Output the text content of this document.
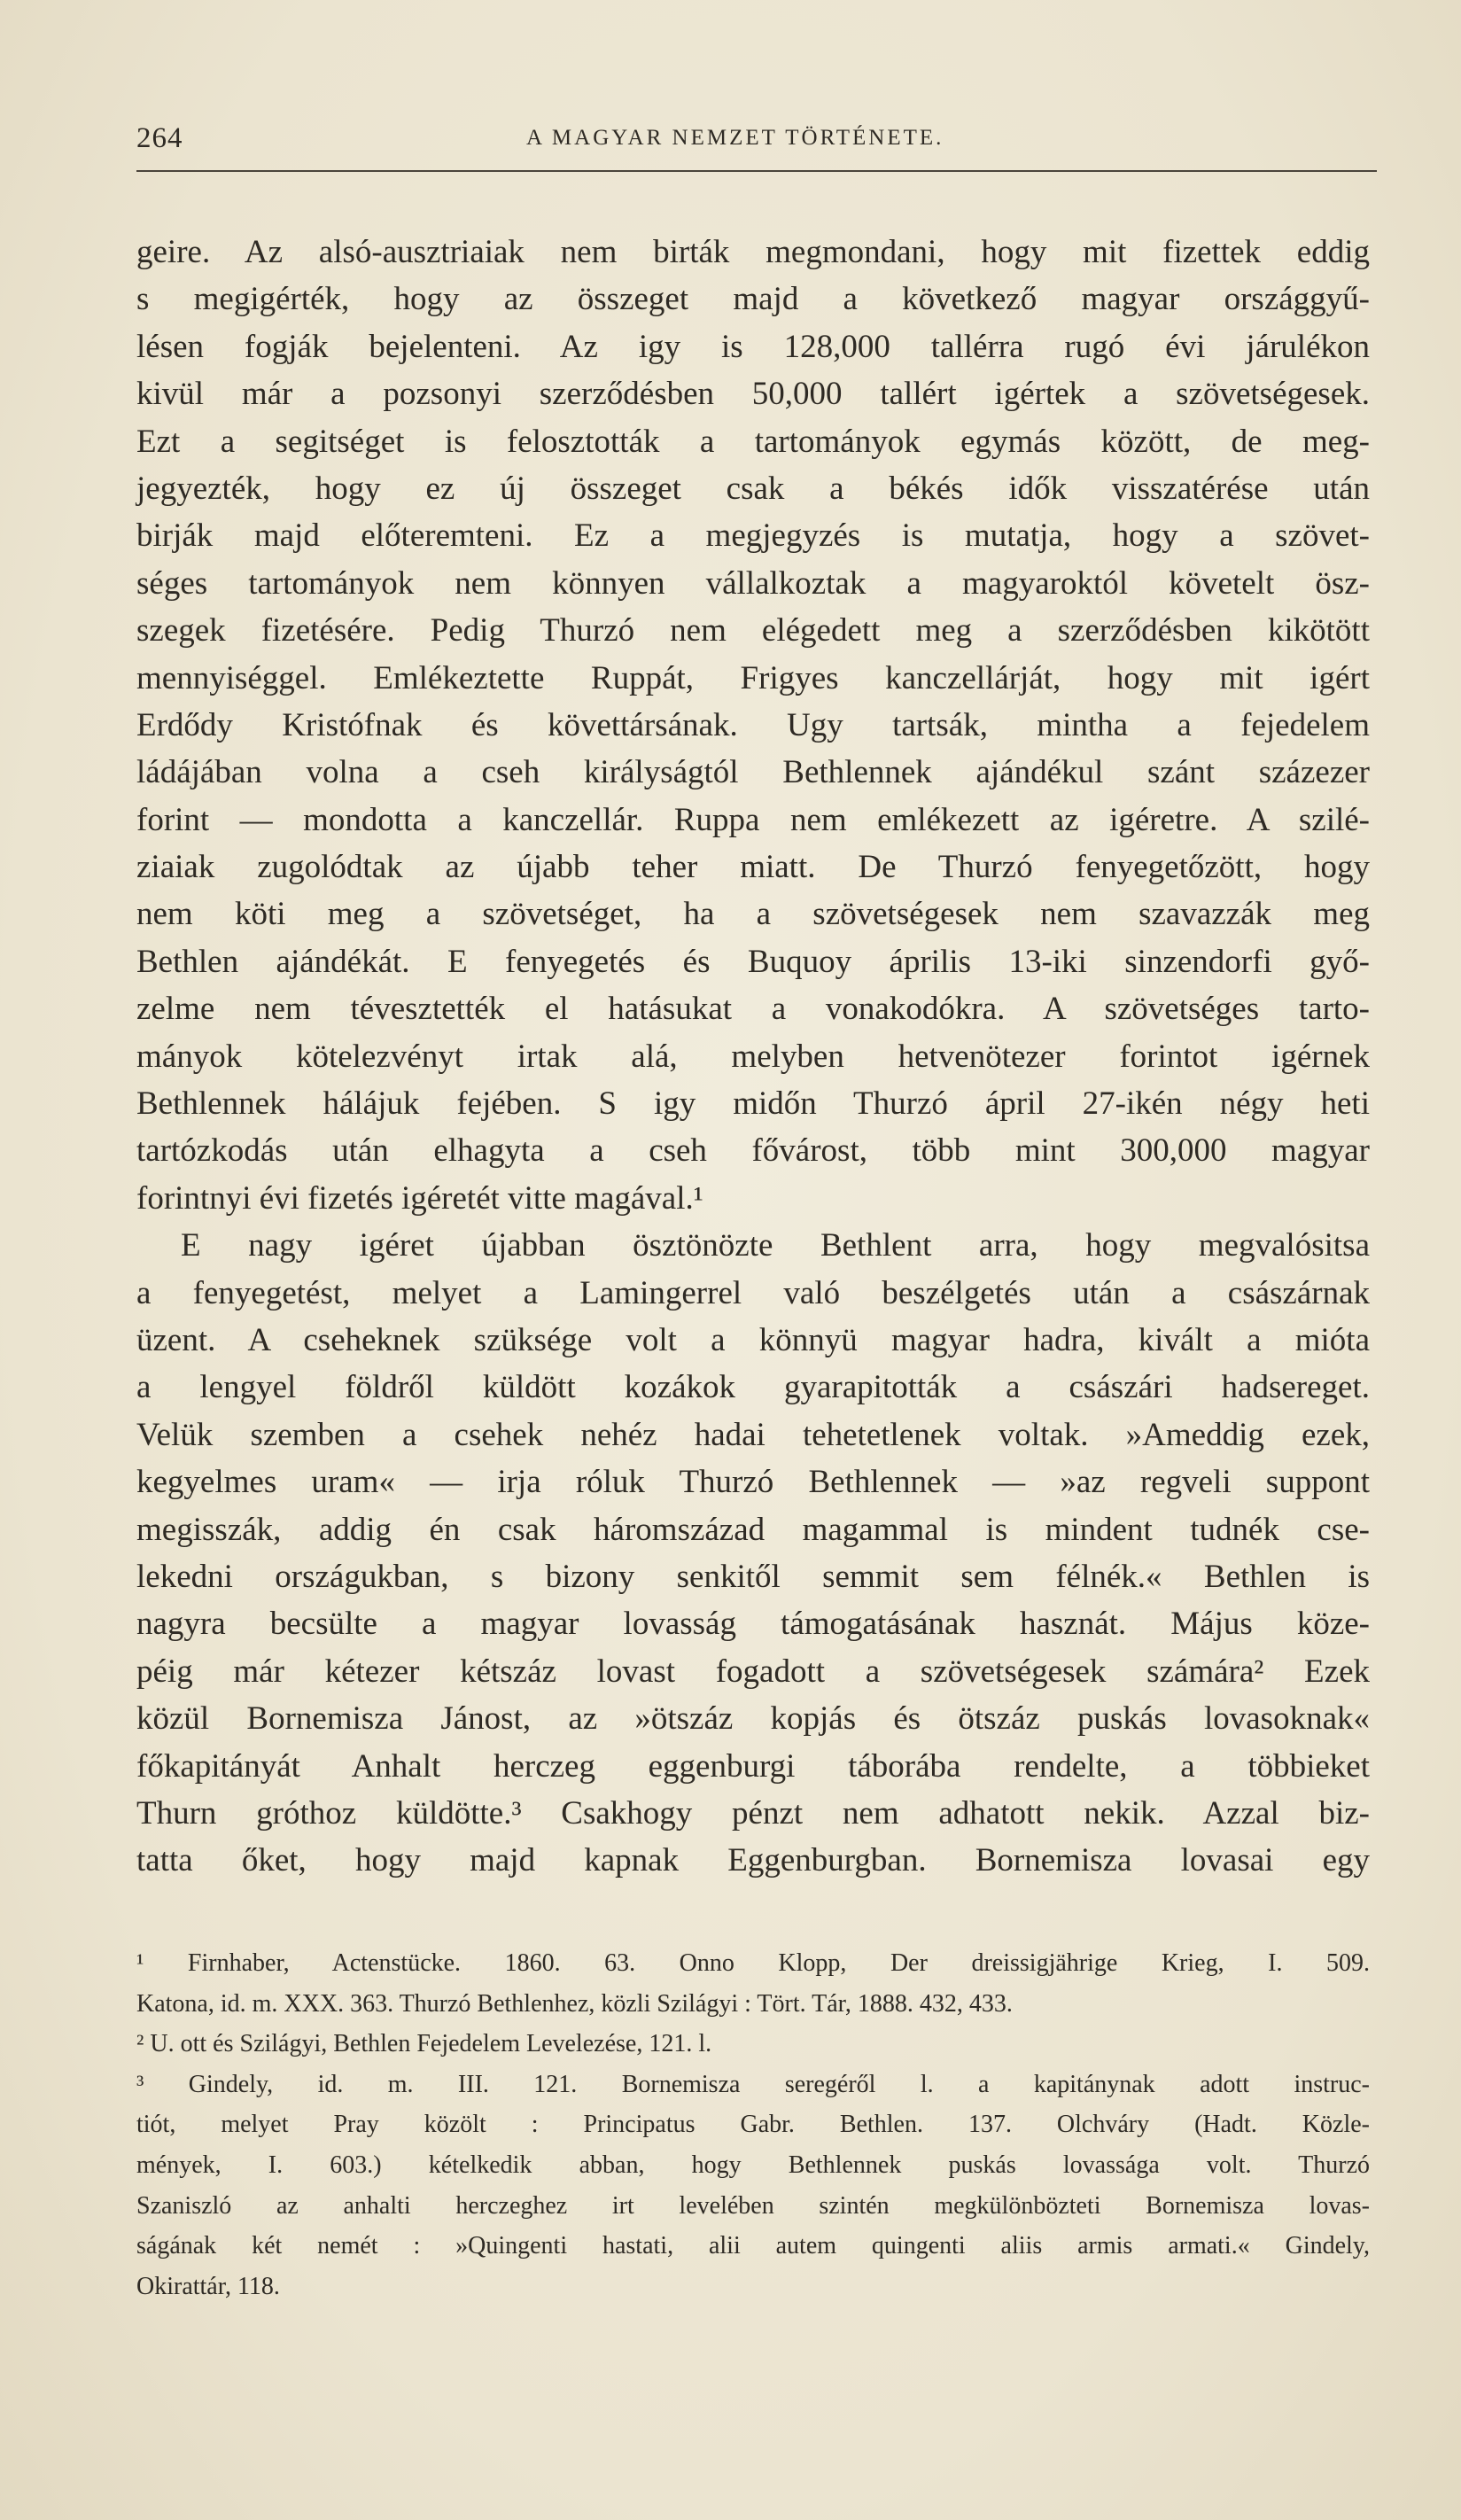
264	A MAGYAR NEMZET TÖRTÉNETE.
geire. Az alsó-ausztriaiak nem birták megmondani, hogy mit fizettek eddig
s megigérték, hogy az összeget majd a következő magyar országgyű-
lésen fogják bejelenteni. Az igy is 128,000 tallérra rugó évi járulékon
kivül már a pozsonyi szerződésben 50,000 tallért igértek a szövetségesek.
Ezt a segitséget is felosztották a tartományok egymás között, de meg-
jegyezték, hogy ez új összeget csak a békés idők visszatérése után
birják majd előteremteni. Ez a megjegyzés is mutatja, hogy a szövet-
séges tartományok nem könnyen vállalkoztak a magyaroktól követelt ösz-
szegek fizetésére. Pedig Thurzó nem elégedett meg a szerződésben kikötött
mennyiséggel. Emlékeztette Ruppát, Frigyes kanczellárját, hogy mit igért
Erdődy Kristófnak és követtársának. Ugy tartsák, mintha a fejedelem
ládájában volna a cseh királyságtól Bethlennek ajándékul szánt százezer
forint — mondotta a kanczellár. Ruppa nem emlékezett az igéretre. A szilé-
ziaiak zugolódtak az újabb teher miatt. De Thurzó fenyegetőzött, hogy
nem köti meg a szövetséget, ha a szövetségesek nem szavazzák meg
Bethlen ajándékát. E fenyegetés és Buquoy április 13-iki sinzendorfi győ-
zelme nem tévesztették el hatásukat a vonakodókra. A szövetséges tarto-
mányok kötelezvényt irtak alá, melyben hetvenötezer forintot igérnek
Bethlennek hálájuk fejében. S igy midőn Thurzó ápril 27-ikén négy heti
tartózkodás után elhagyta a cseh fővárost, több mint 300,000 magyar
forintnyi évi fizetés igéretét vitte magával.¹
E nagy igéret újabban ösztönözte Bethlent arra, hogy megvalósitsa
a fenyegetést, melyet a Lamingerrel való beszélgetés után a császárnak
üzent. A cseheknek szüksége volt a könnyü magyar hadra, kivált a mióta
a lengyel földről küldött kozákok gyarapitották a császári hadsereget.
Velük szemben a csehek nehéz hadai tehetetlenek voltak. »Ameddig ezek,
kegyelmes uram« — irja róluk Thurzó Bethlennek — »az regveli suppont
megisszák, addig én csak háromszázad magammal is mindent tudnék cse-
lekedni országukban, s bizony senkitől semmit sem félnék.« Bethlen is
nagyra becsülte a magyar lovasság támogatásának hasznát. Május köze-
péig már kétezer kétszáz lovast fogadott a szövetségesek számára² Ezek
közül Bornemisza Jánost, az »ötszáz kopjás és ötszáz puskás lovasoknak«
főkapitányát Anhalt herczeg eggenburgi táborába rendelte, a többieket
Thurn gróthoz küldötte.³ Csakhogy pénzt nem adhatott nekik. Azzal biz-
tatta őket, hogy majd kapnak Eggenburgban. Bornemisza lovasai egy
¹ Firnhaber, Actenstücke. 1860. 63. Onno Klopp, Der dreissigjährige Krieg, I. 509.
Katona, id. m. XXX. 363. Thurzó Bethlenhez, közli Szilágyi : Tört. Tár, 1888. 432, 433.
² U. ott és Szilágyi, Bethlen Fejedelem Levelezése, 121. l.
³ Gindely, id. m. III. 121. Bornemisza seregéről l. a kapitánynak adott instruc-
tiót, melyet Pray közölt : Principatus Gabr. Bethlen. 137. Olchváry (Hadt. Közle-
mények, I. 603.) kételkedik abban, hogy Bethlennek puskás lovassága volt. Thurzó
Szaniszló az anhalti herczeghez irt levelében szintén megkülönbözteti Bornemisza lovas-
ságának két nemét : »Quingenti hastati, alii autem quingenti aliis armis armati.« Gindely,
Okirattár, 118.
